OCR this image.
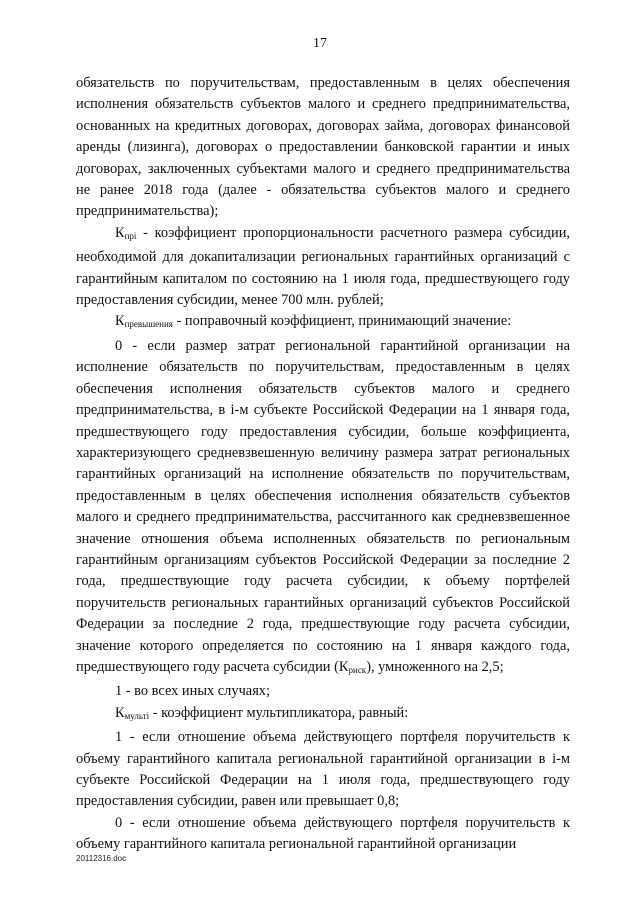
17

обязательств по поручительствам, предоставленным в целях обеспечения исполнения обязательств субъектов малого и среднего предпринимательства, основанных на кредитных договорах, договорах займа, договорах финансовой аренды (лизинга), договорах о предоставлении банковской гарантии и иных договорах, заключенных субъектами малого и среднего предпринимательства не ранее 2018 года (далее - обязательства субъектов малого и среднего предпринимательства);

$К_{прi}$ - коэффициент пропорциональности расчетного размера субсидии, необходимой для докапитализации региональных гарантийных организаций с гарантийным капиталом по состоянию на 1 июля года, предшествующего году предоставления субсидии, менее 700 млн. рублей;

$К_{превышения}$ - поправочный коэффициент, принимающий значение:

0 - если размер затрат региональной гарантийной организации на исполнение обязательств по поручительствам, предоставленным в целях обеспечения исполнения обязательств субъектов малого и среднего предпринимательства, в i-м субъекте Российской Федерации на 1 января года, предшествующего году предоставления субсидии, больше коэффициента, характеризующего средневзвешенную величину размера затрат региональных гарантийных организаций на исполнение обязательств по поручительствам, предоставленным в целях обеспечения исполнения обязательств субъектов малого и среднего предпринимательства, рассчитанного как средневзвешенное значение отношения объема исполненных обязательств по региональным гарантийным организациям субъектов Российской Федерации за последние 2 года, предшествующие году расчета субсидии, к объему портфелей поручительств региональных гарантийных организаций субъектов Российской Федерации за последние 2 года, предшествующие году расчета субсидии, значение которого определяется по состоянию на 1 января каждого года, предшествующего году расчета субсидии $(К_{риск})$, умноженного на 2,5;

1 - во всех иных случаях;

$К_{мультi}$ - коэффициент мультипликатора, равный:

1 - если отношение объема действующего портфеля поручительств к объему гарантийного капитала региональной гарантийной организации в i-м субъекте Российской Федерации на 1 июля года, предшествующего году предоставления субсидии, равен или превышает 0,8;

0 - если отношение объема действующего портфеля поручительств к объему гарантийного капитала региональной гарантийной организации

20112316.doc
